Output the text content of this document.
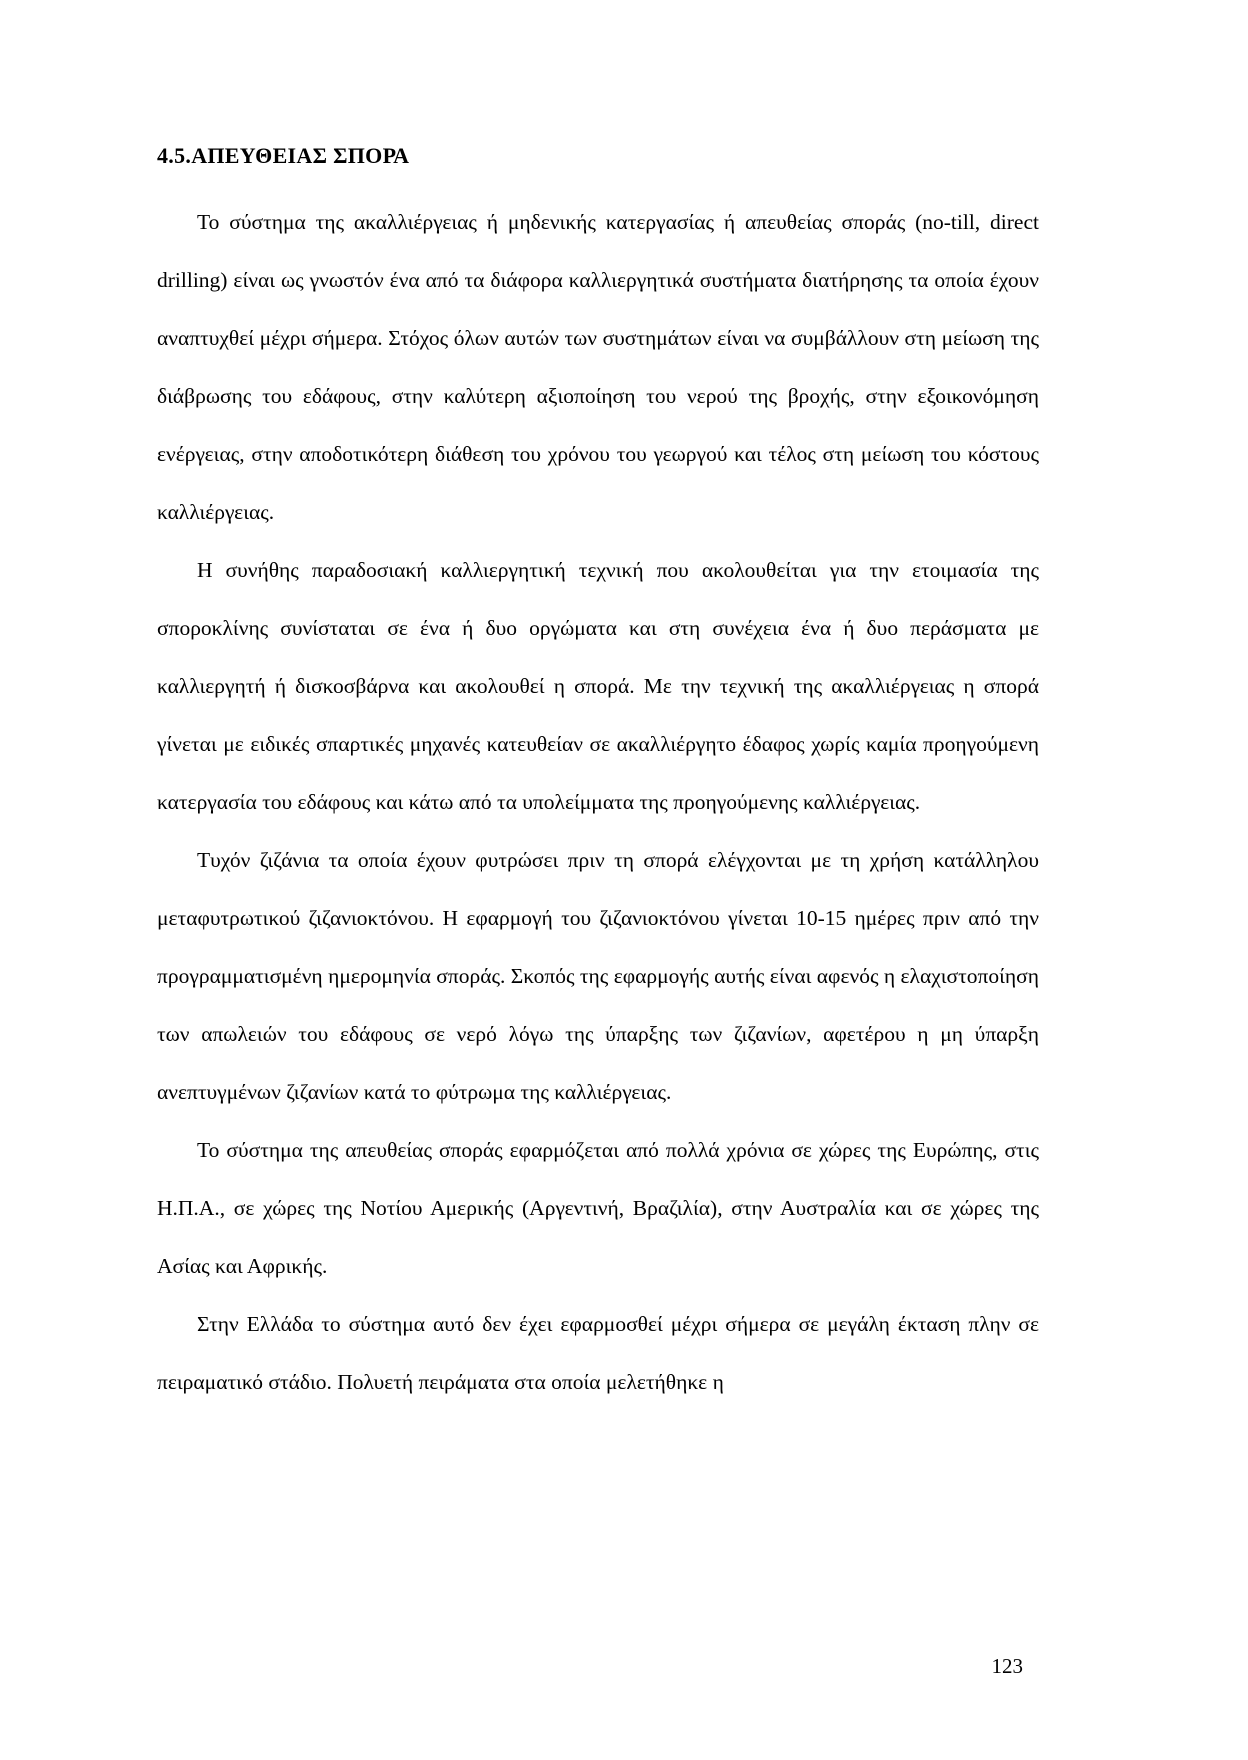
4.5.ΑΠΕΥΘΕΙΑΣ ΣΠΟΡΑ

Το σύστημα της ακαλλιέργειας ή μηδενικής κατεργασίας ή απευθείας σποράς (no-till, direct drilling) είναι ως γνωστόν ένα από τα διάφορα καλλιεργητικά συστήματα διατήρησης τα οποία έχουν αναπτυχθεί μέχρι σήμερα. Στόχος όλων αυτών των συστημάτων είναι να συμβάλλουν στη μείωση της διάβρωσης του εδάφους, στην καλύτερη αξιοποίηση του νερού της βροχής, στην εξοικονόμηση ενέργειας, στην αποδοτικότερη διάθεση του χρόνου του γεωργού και τέλος στη μείωση του κόστους καλλιέργειας.

Η συνήθης παραδοσιακή καλλιεργητική τεχνική που ακολουθείται για την ετοιμασία της σπορoκλίνης συνίσταται σε ένα ή δυο οργώματα και στη συνέχεια ένα ή δυο περάσματα με καλλιεργητή ή δισκοσβάρνα και ακολουθεί η σπορά. Με την τεχνική της ακαλλιέργειας η σπορά γίνεται με ειδικές σπαρτικές μηχανές κατευθείαν σε ακαλλιέργητο έδαφος χωρίς καμία προηγούμενη κατεργασία του εδάφους και κάτω από τα υπολείμματα της προηγούμενης καλλιέργειας.

Τυχόν ζιζάνια τα οποία έχουν φυτρώσει πριν τη σπορά ελέγχονται με τη χρήση κατάλληλου μεταφυτρωτικού ζιζανιοκτόνου. Η εφαρμογή του ζιζανιοκτόνου γίνεται 10-15 ημέρες πριν από την προγραμματισμένη ημερομηνία σποράς. Σκοπός της εφαρμογής αυτής είναι αφενός η ελαχιστοποίηση των απωλειών του εδάφους σε νερό λόγω της ύπαρξης των ζιζανίων, αφετέρου η μη ύπαρξη ανεπτυγμένων ζιζανίων κατά το φύτρωμα της καλλιέργειας.

Το σύστημα της απευθείας σποράς εφαρμόζεται από πολλά χρόνια σε χώρες της Ευρώπης, στις Η.Π.Α., σε χώρες της Νοτίου Αμερικής (Αργεντινή, Βραζιλία), στην Αυστραλία και σε χώρες της Ασίας και Αφρικής.

Στην Ελλάδα το σύστημα αυτό δεν έχει εφαρμοσθεί μέχρι σήμερα σε μεγάλη έκταση πλην σε πειραματικό στάδιο. Πολυετή πειράματα στα οποία μελετήθηκε η

123
